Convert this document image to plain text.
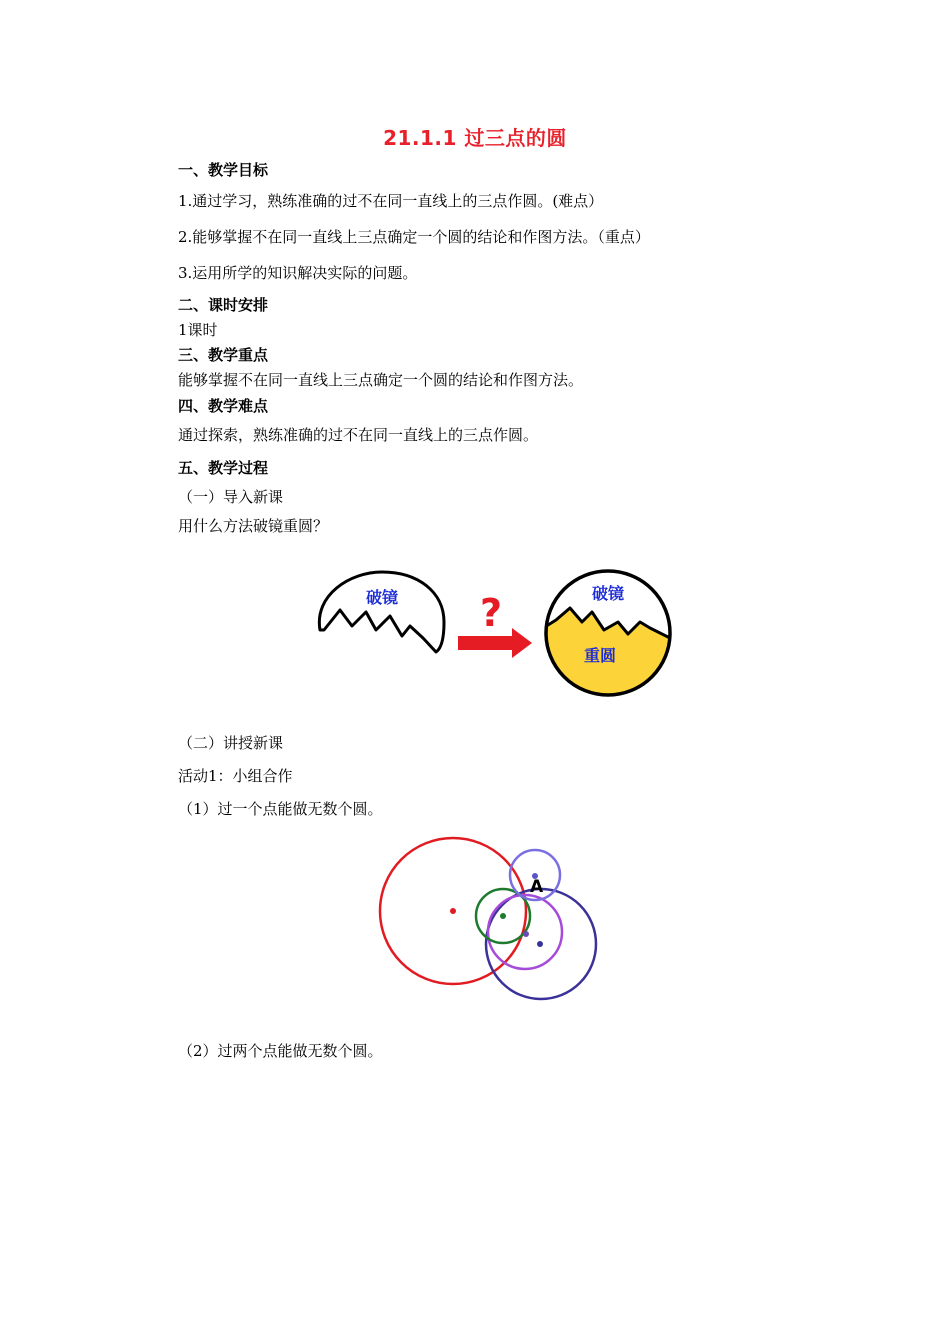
21.1.1 过三点的圆
一、教学目标
1.通过学习，熟练准确的过不在同一直线上的三点作圆。(难点）
2.能够掌握不在同一直线上三点确定一个圆的结论和作图方法。（重点）
3.运用所学的知识解决实际的问题。
二、课时安排
1课时
三、教学重点
能够掌握不在同一直线上三点确定一个圆的结论和作图方法。
四、教学难点
通过探索，熟练准确的过不在同一直线上的三点作圆。
五、教学过程
（一）导入新课
用什么方法破镜重圆？
破镜 ?	破镜
重圆
（二）讲授新课
活动1：小组合作
（1）过一个点能做无数个圆。
A
（2）过两个点能做无数个圆。
